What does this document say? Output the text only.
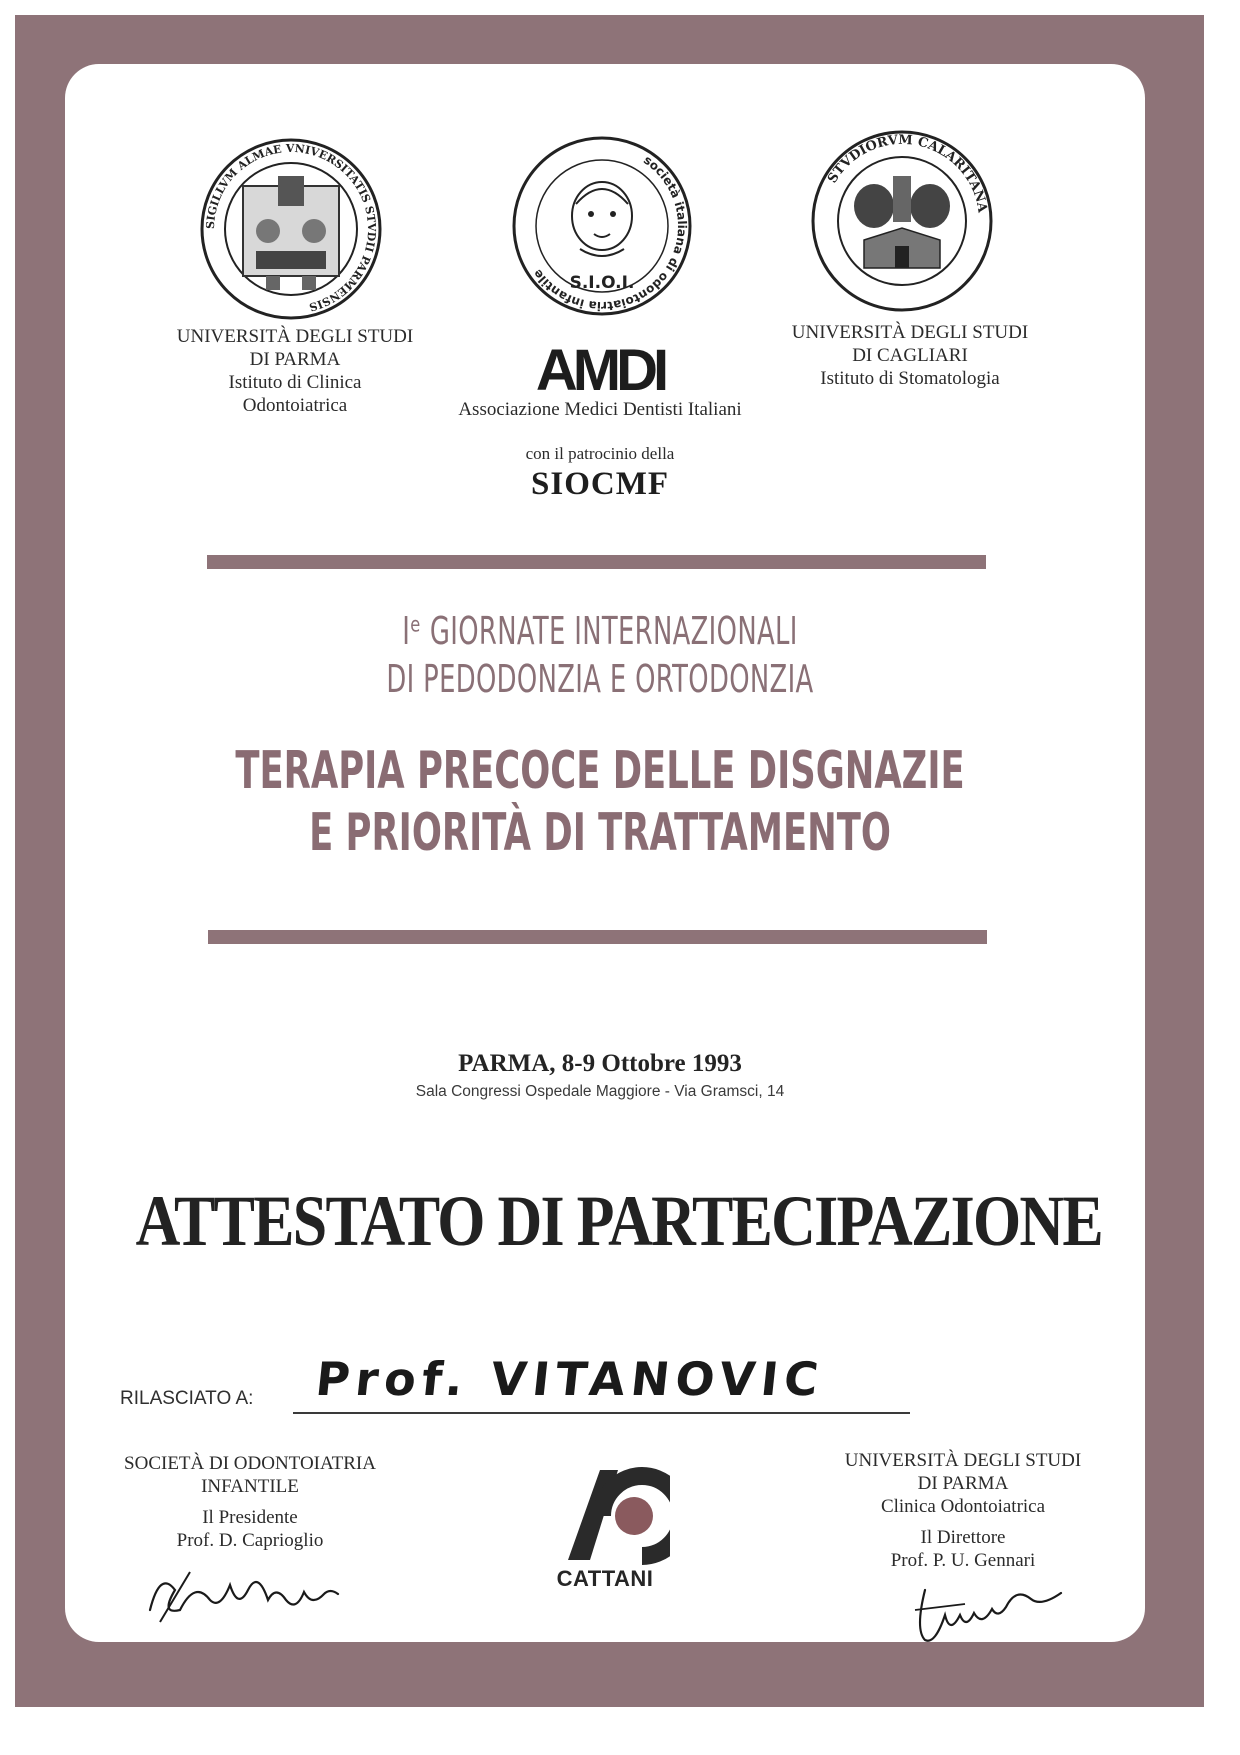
SIGILLVM ALMAE VNIVERSITATIS STVDII PARMENSIS
società italiana di odontoiatria infantile	S.I.O.I.
STVDIORVM CALARITANA
UNIVERSITÀ DEGLI STUDI
DI PARMA
Istituto di Clinica
Odontoiatrica
AMDI
Associazione Medici Dentisti Italiani
UNIVERSITÀ DEGLI STUDI
DI CAGLIARI
Istituto di Stomatologia
con il patrocinio della
SIOCMF
Iᵉ GIORNATE INTERNAZIONALI
DI PEDODONZIA E ORTODONZIA
TERAPIA PRECOCE DELLE DISGNAZIE
E PRIORITÀ DI TRATTAMENTO
PARMA, 8-9 Ottobre 1993
Sala Congressi Ospedale Maggiore - Via Gramsci, 14
ATTESTATO DI PARTECIPAZIONE
RILASCIATO A: Prof. VITANOVIC
SOCIETÀ DI ODONTOIATRIA
INFANTILE
Il Presidente
Prof. D. Caprioglio
CATTANI
UNIVERSITÀ DEGLI STUDI
DI PARMA
Clinica Odontoiatrica
Il Direttore
Prof. P. U. Gennari
